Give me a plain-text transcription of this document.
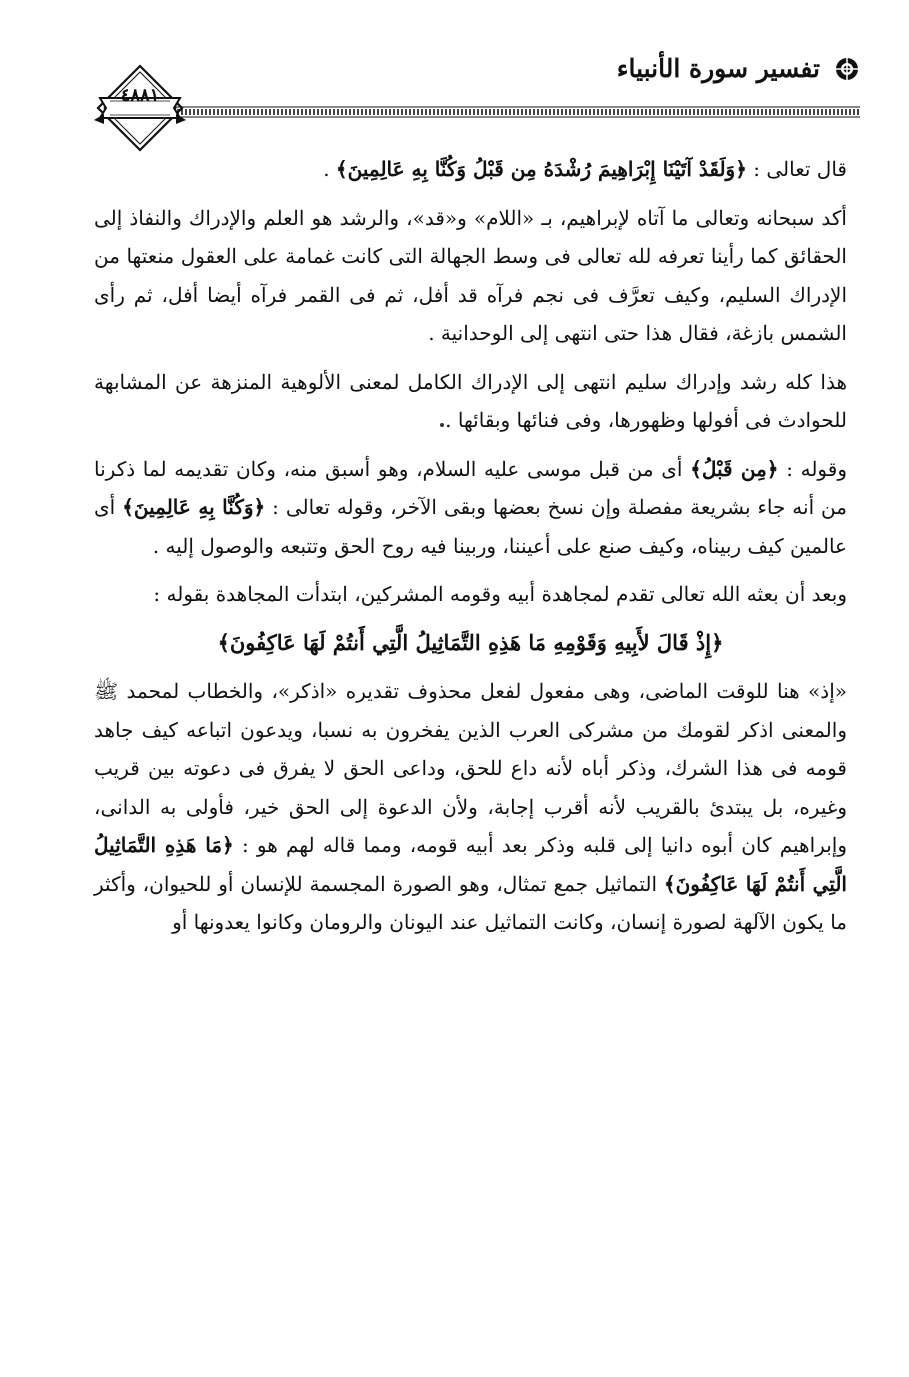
تفسير سورة الأنبياء
٤٨٨١

قال تعالى : ﴿وَلَقَدْ آتَيْنَا إِبْرَاهِيمَ رُشْدَهُ مِن قَبْلُ وَكُنَّا بِهِ عَالِمِينَ﴾ .

أكد سبحانه وتعالى ما آتاه لإبراهيم، بـ «اللام» و«قد»، والرشد هو العلم والإدراك والنفاذ إلى الحقائق كما رأينا تعرفه لله تعالى فى وسط الجهالة التى كانت غمامة على العقول منعتها من الإدراك السليم، وكيف تعرَّف فى نجم فرآه قد أفل، ثم فى القمر فرآه أيضا أفل، ثم رأى الشمس بازغة، فقال هذا حتى انتهى إلى الوحدانية .

هذا كله رشد وإدراك سليم انتهى إلى الإدراك الكامل لمعنى الألوهية المنزهة عن المشابهة للحوادث فى أفولها وظهورها، وفى فنائها وبقائها .

وقوله : ﴿مِن قَبْلُ﴾ أى من قبل موسى عليه السلام، وهو أسبق منه، وكان تقديمه لما ذكرنا من أنه جاء بشريعة مفصلة وإن نسخ بعضها وبقى الآخر، وقوله تعالى : ﴿وَكُنَّا بِهِ عَالِمِينَ﴾ أى عالمين كيف ربيناه، وكيف صنع على أعيننا، وربينا فيه روح الحق وتتبعه والوصول إليه .

وبعد أن بعثه الله تعالى تقدم لمجاهدة أبيه وقومه المشركين، ابتدأت المجاهدة بقوله :

﴿إِذْ قَالَ لأَبِيهِ وَقَوْمِهِ مَا هَذِهِ التَّمَاثِيلُ الَّتِي أَنتُمْ لَهَا عَاكِفُونَ﴾

«إذ» هنا للوقت الماضى، وهى مفعول لفعل محذوف تقديره «اذكر»، والخطاب لمحمد ﷺ والمعنى اذكر لقومك من مشركى العرب الذين يفخرون به نسبا، ويدعون اتباعه كيف جاهد قومه فى هذا الشرك، وذكر أباه لأنه داع للحق، وداعى الحق لا يفرق فى دعوته بين قريب وغيره، بل يبتدئ بالقريب لأنه أقرب إجابة، ولأن الدعوة إلى الحق خير، فأولى به الدانى، وإبراهيم كان أبوه دانيا إلى قلبه وذكر بعد أبيه قومه، ومما قاله لهم هو : ﴿مَا هَذِهِ التَّمَاثِيلُ الَّتِي أَنتُمْ لَهَا عَاكِفُونَ﴾ التماثيل جمع تمثال، وهو الصورة المجسمة للإنسان أو للحيوان، وأكثر ما يكون الآلهة لصورة إنسان، وكانت التماثيل عند اليونان والرومان وكانوا يعدونها أو
